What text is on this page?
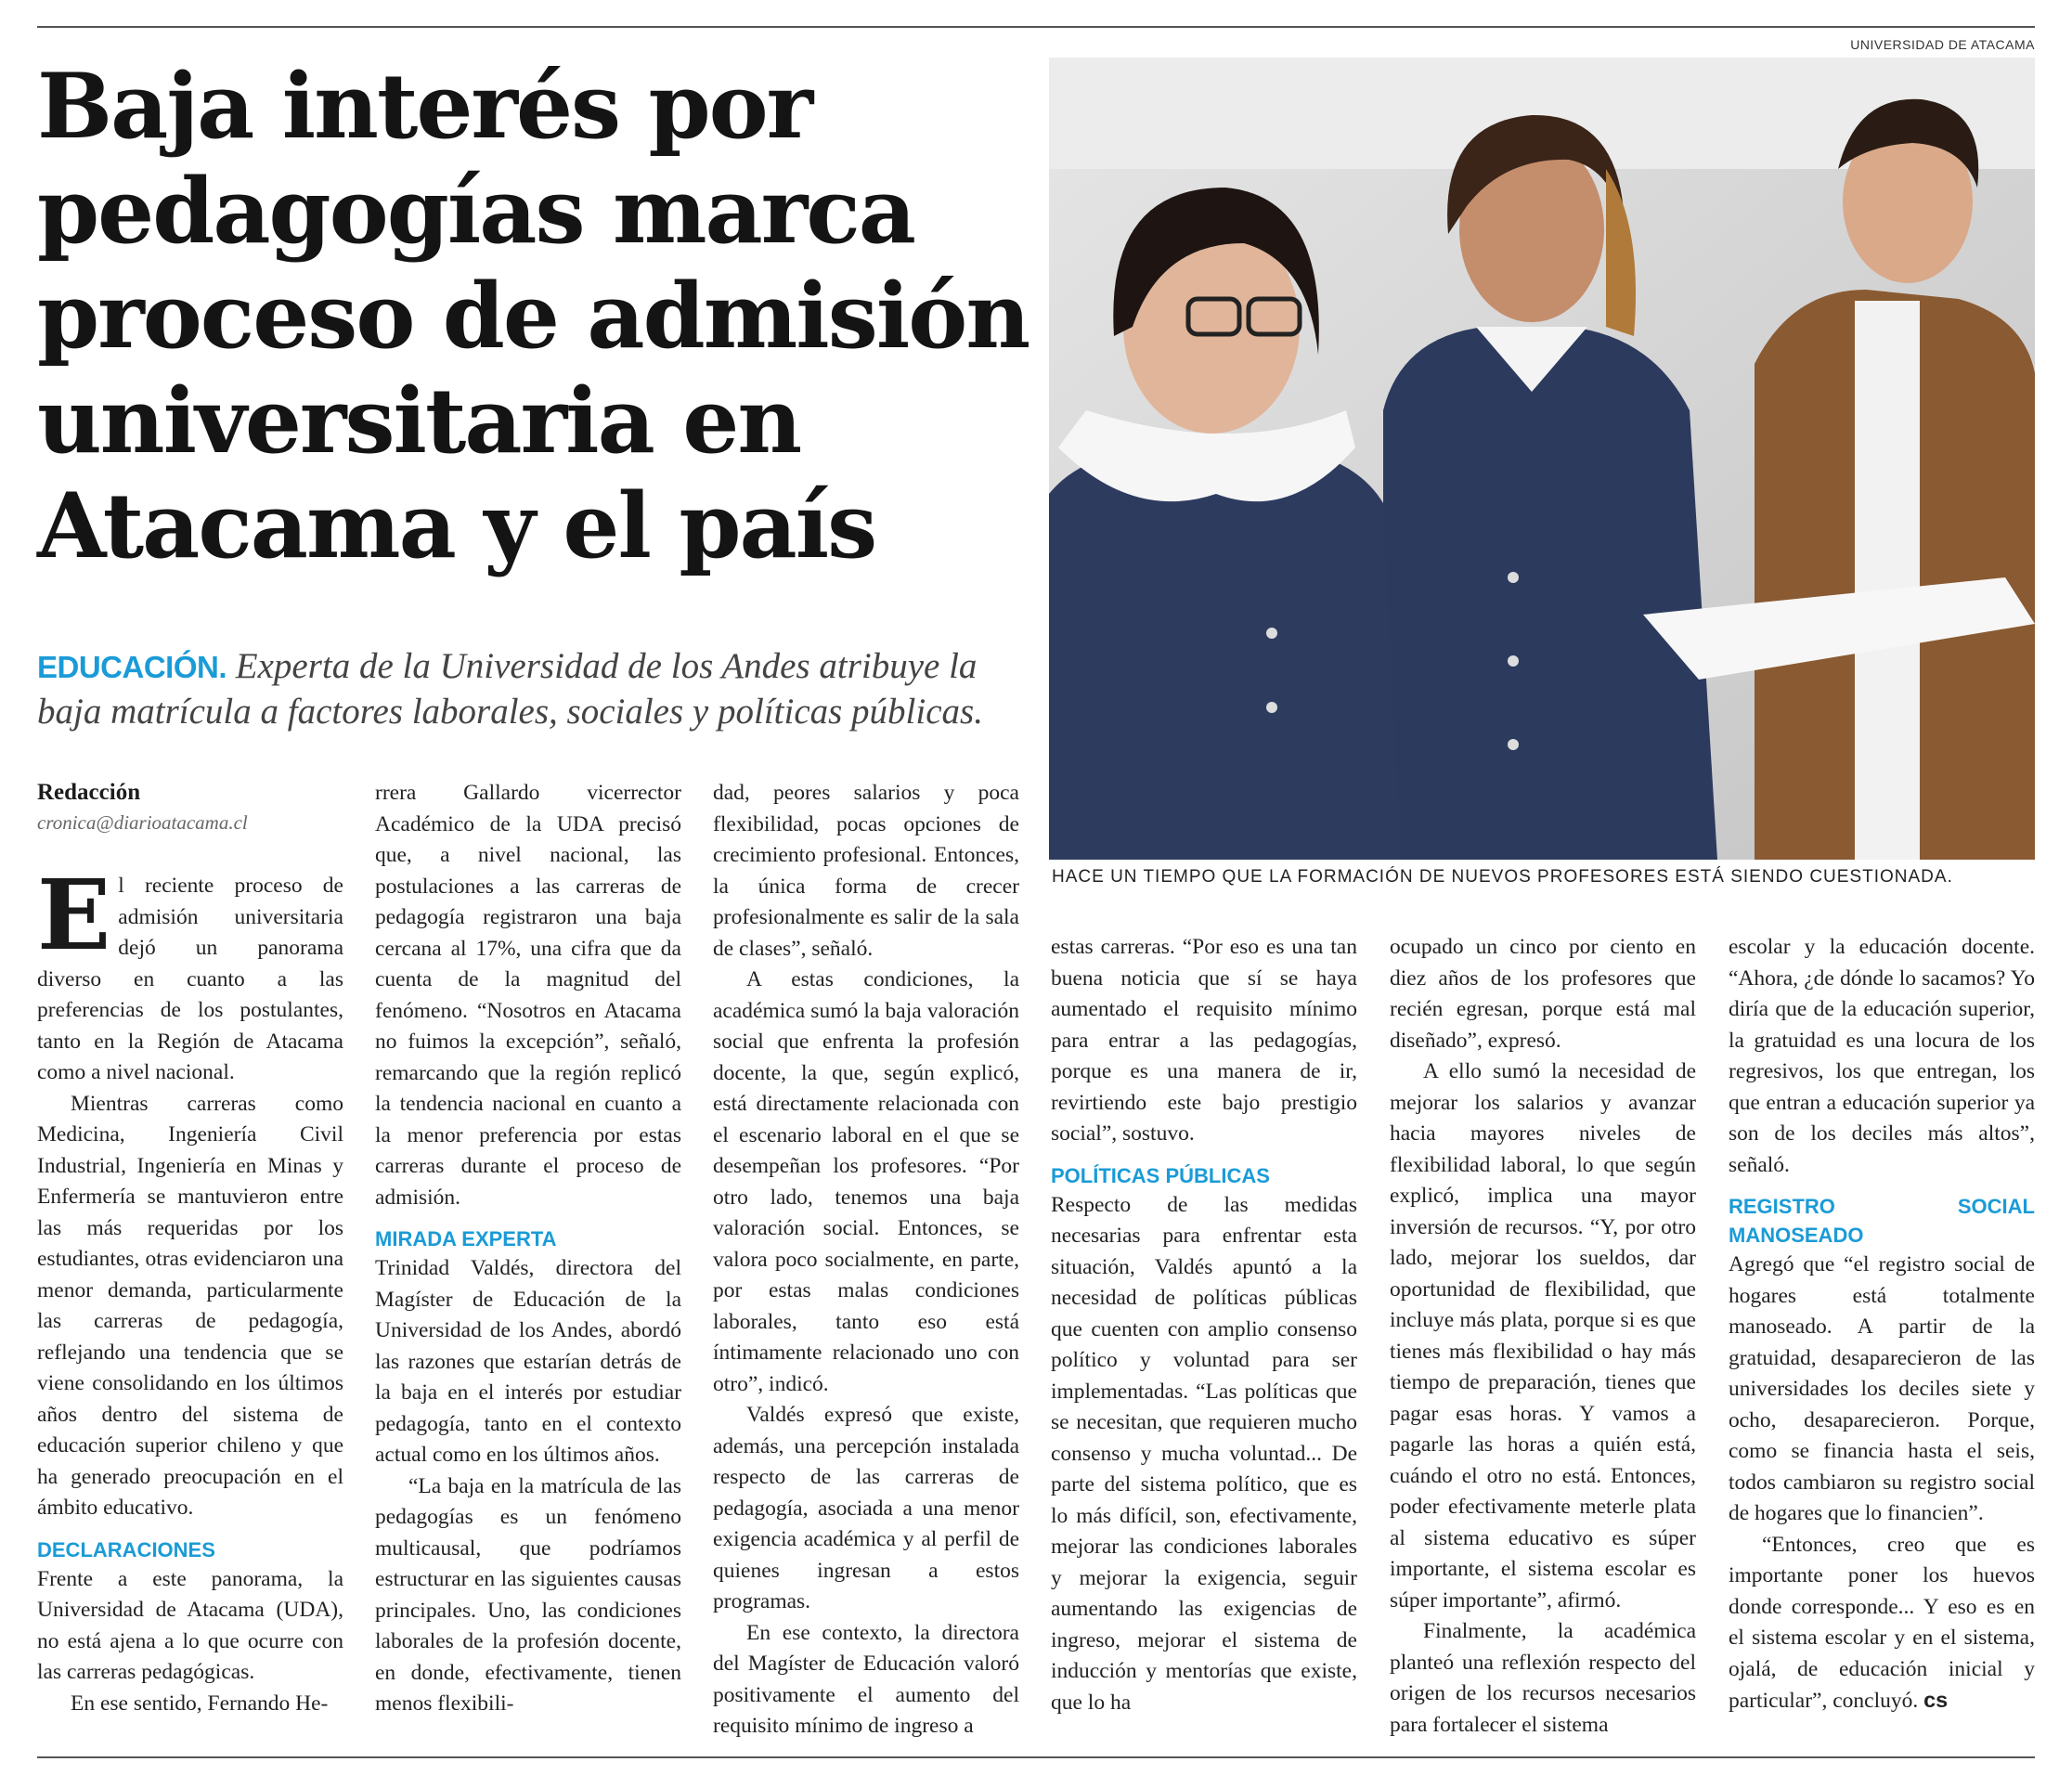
Baja interés por pedagogías marca proceso de admisión universitaria en Atacama y el país
EDUCACIÓN. Experta de la Universidad de los Andes atribuye la baja matrícula a factores laborales, sociales y políticas públicas.
UNIVERSIDAD DE ATACAMA
HACE UN TIEMPO QUE LA FORMACIÓN DE NUEVOS PROFESORES ESTÁ SIENDO CUESTIONADA.
Redacción
cronica@diarioatacama.cl

El reciente proceso de admisión universitaria dejó un panorama diverso en cuanto a las preferencias de los postulantes, tanto en la Región de Atacama como a nivel nacional.

Mientras carreras como Medicina, Ingeniería Civil Industrial, Ingeniería en Minas y Enfermería se mantuvieron entre las más requeridas por los estudiantes, otras evidenciaron una menor demanda, particularmente las carreras de pedagogía, reflejando una tendencia que se viene consolidando en los últimos años dentro del sistema de educación superior chileno y que ha generado preocupación en el ámbito educativo.

DECLARACIONES

Frente a este panorama, la Universidad de Atacama (UDA), no está ajena a lo que ocurre con las carreras pedagógicas.

En ese sentido, Fernando He-

rrera Gallardo vicerrector Académico de la UDA precisó que, a nivel nacional, las postulaciones a las carreras de pedagogía registraron una baja cercana al 17%, una cifra que da cuenta de la magnitud del fenómeno. “Nosotros en Atacama no fuimos la excepción”, señaló, remarcando que la región replicó la tendencia nacional en cuanto a la menor preferencia por estas carreras durante el proceso de admisión.

MIRADA EXPERTA

Trinidad Valdés, directora del Magíster de Educación de la Universidad de los Andes, abordó las razones que estarían detrás de la baja en el interés por estudiar pedagogía, tanto en el contexto actual como en los últimos años.

“La baja en la matrícula de las pedagogías es un fenómeno multicausal, que podríamos estructurar en las siguientes causas principales. Uno, las condiciones laborales de la profesión docente, en donde, efectivamente, tienen menos flexibili-

dad, peores salarios y poca flexibilidad, pocas opciones de crecimiento profesional. Entonces, la única forma de crecer profesionalmente es salir de la sala de clases”, señaló.

A estas condiciones, la académica sumó la baja valoración social que enfrenta la profesión docente, la que, según explicó, está directamente relacionada con el escenario laboral en el que se desempeñan los profesores. “Por otro lado, tenemos una baja valoración social. Entonces, se valora poco socialmente, en parte, por estas malas condiciones laborales, tanto eso está íntimamente relacionado uno con otro”, indicó.

Valdés expresó que existe, además, una percepción instalada respecto de las carreras de pedagogía, asociada a una menor exigencia académica y al perfil de quienes ingresan a estos programas.

En ese contexto, la directora del Magíster de Educación valoró positivamente el aumento del requisito mínimo de ingreso a

estas carreras. “Por eso es una tan buena noticia que sí se haya aumentado el requisito mínimo para entrar a las pedagogías, porque es una manera de ir, revirtiendo este bajo prestigio social”, sostuvo.

POLÍTICAS PÚBLICAS

Respecto de las medidas necesarias para enfrentar esta situación, Valdés apuntó a la necesidad de políticas públicas que cuenten con amplio consenso político y voluntad para ser implementadas. “Las políticas que se necesitan, que requieren mucho consenso y mucha voluntad... De parte del sistema político, que es lo más difícil, son, efectivamente, mejorar las condiciones laborales y mejorar la exigencia, seguir aumentando las exigencias de ingreso, mejorar el sistema de inducción y mentorías que existe, que lo ha

ocupado un cinco por ciento en diez años de los profesores que recién egresan, porque está mal diseñado”, expresó.

A ello sumó la necesidad de mejorar los salarios y avanzar hacia mayores niveles de flexibilidad laboral, lo que según explicó, implica una mayor inversión de recursos. “Y, por otro lado, mejorar los sueldos, dar oportunidad de flexibilidad, que incluye más plata, porque si es que tienes más flexibilidad o hay más tiempo de preparación, tienes que pagar esas horas. Y vamos a pagarle las horas a quién está, cuándo el otro no está. Entonces, poder efectivamente meterle plata al sistema educativo es súper importante, el sistema escolar es súper importante”, afirmó.

Finalmente, la académica planteó una reflexión respecto del origen de los recursos necesarios para fortalecer el sistema

escolar y la educación docente. “Ahora, ¿de dónde lo sacamos? Yo diría que de la educación superior, la gratuidad es una locura de los regresivos, los que entregan, los que entran a educación superior ya son de los deciles más altos”, señaló.

REGISTRO SOCIAL MANOSEADO

Agregó que “el registro social de hogares está totalmente manoseado. A partir de la gratuidad, desaparecieron de las universidades los deciles siete y ocho, desaparecieron. Porque, como se financia hasta el seis, todos cambiaron su registro social de hogares que lo financien”.

“Entonces, creo que es importante poner los huevos donde corresponde... Y eso es en el sistema escolar y en el sistema, ojalá, de educación inicial y particular”, concluyó. cs
